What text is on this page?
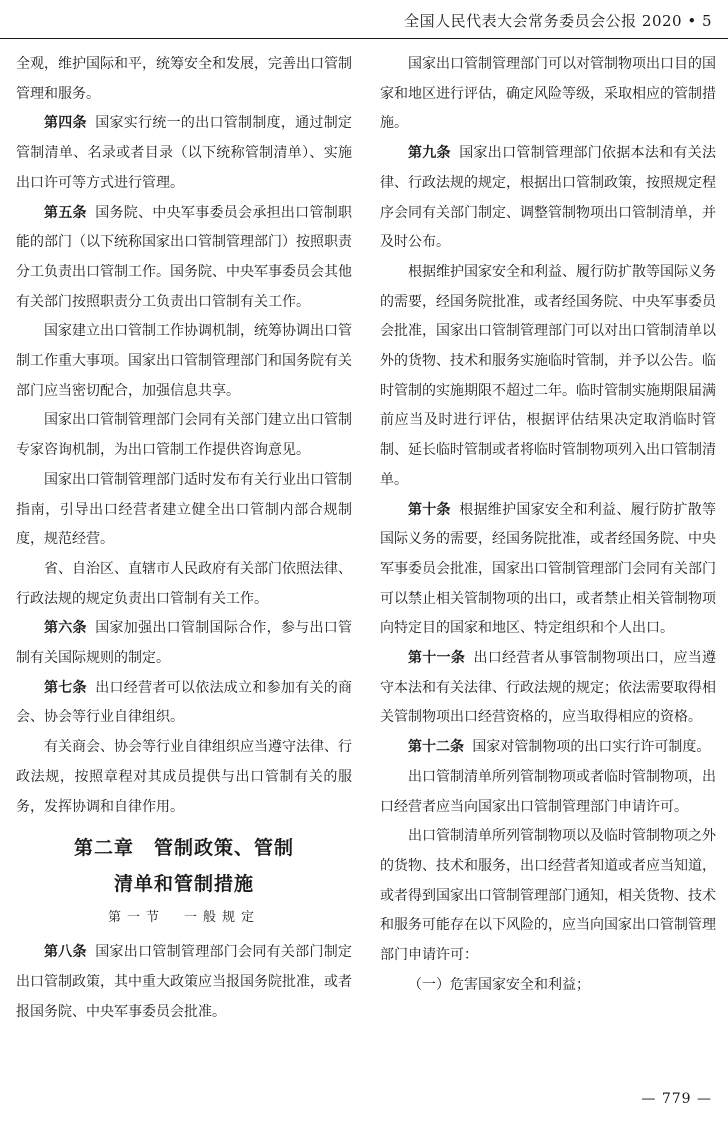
全国人民代表大会常务委员会公报 2020 • 5

全观，维护国际和平，统筹安全和发展，完善出口管制管理和服务。

第四条 国家实行统一的出口管制制度，通过制定管制清单、名录或者目录（以下统称管制清单）、实施出口许可等方式进行管理。

第五条 国务院、中央军事委员会承担出口管制职能的部门（以下统称国家出口管制管理部门）按照职责分工负责出口管制工作。国务院、中央军事委员会其他有关部门按照职责分工负责出口管制有关工作。

国家建立出口管制工作协调机制，统筹协调出口管制工作重大事项。国家出口管制管理部门和国务院有关部门应当密切配合，加强信息共享。

国家出口管制管理部门会同有关部门建立出口管制专家咨询机制，为出口管制工作提供咨询意见。

国家出口管制管理部门适时发布有关行业出口管制指南，引导出口经营者建立健全出口管制内部合规制度，规范经营。

省、自治区、直辖市人民政府有关部门依照法律、行政法规的规定负责出口管制有关工作。

第六条 国家加强出口管制国际合作，参与出口管制有关国际规则的制定。

第七条 出口经营者可以依法成立和参加有关的商会、协会等行业自律组织。

有关商会、协会等行业自律组织应当遵守法律、行政法规，按照章程对其成员提供与出口管制有关的服务，发挥协调和自律作用。

第二章　管制政策、管制
清单和管制措施
第一节　一般规定

第八条 国家出口管制管理部门会同有关部门制定出口管制政策，其中重大政策应当报国务院批准，或者报国务院、中央军事委员会批准。

国家出口管制管理部门可以对管制物项出口目的国家和地区进行评估，确定风险等级，采取相应的管制措施。

第九条 国家出口管制管理部门依据本法和有关法律、行政法规的规定，根据出口管制政策，按照规定程序会同有关部门制定、调整管制物项出口管制清单，并及时公布。

根据维护国家安全和利益、履行防扩散等国际义务的需要，经国务院批准，或者经国务院、中央军事委员会批准，国家出口管制管理部门可以对出口管制清单以外的货物、技术和服务实施临时管制，并予以公告。临时管制的实施期限不超过二年。临时管制实施期限届满前应当及时进行评估，根据评估结果决定取消临时管制、延长临时管制或者将临时管制物项列入出口管制清单。

第十条 根据维护国家安全和利益、履行防扩散等国际义务的需要，经国务院批准，或者经国务院、中央军事委员会批准，国家出口管制管理部门会同有关部门可以禁止相关管制物项的出口，或者禁止相关管制物项向特定目的国家和地区、特定组织和个人出口。

第十一条 出口经营者从事管制物项出口，应当遵守本法和有关法律、行政法规的规定；依法需要取得相关管制物项出口经营资格的，应当取得相应的资格。

第十二条 国家对管制物项的出口实行许可制度。

出口管制清单所列管制物项或者临时管制物项，出口经营者应当向国家出口管制管理部门申请许可。

出口管制清单所列管制物项以及临时管制物项之外的货物、技术和服务，出口经营者知道或者应当知道，或者得到国家出口管制管理部门通知，相关货物、技术和服务可能存在以下风险的，应当向国家出口管制管理部门申请许可：

（一）危害国家安全和利益；

— 779 —
